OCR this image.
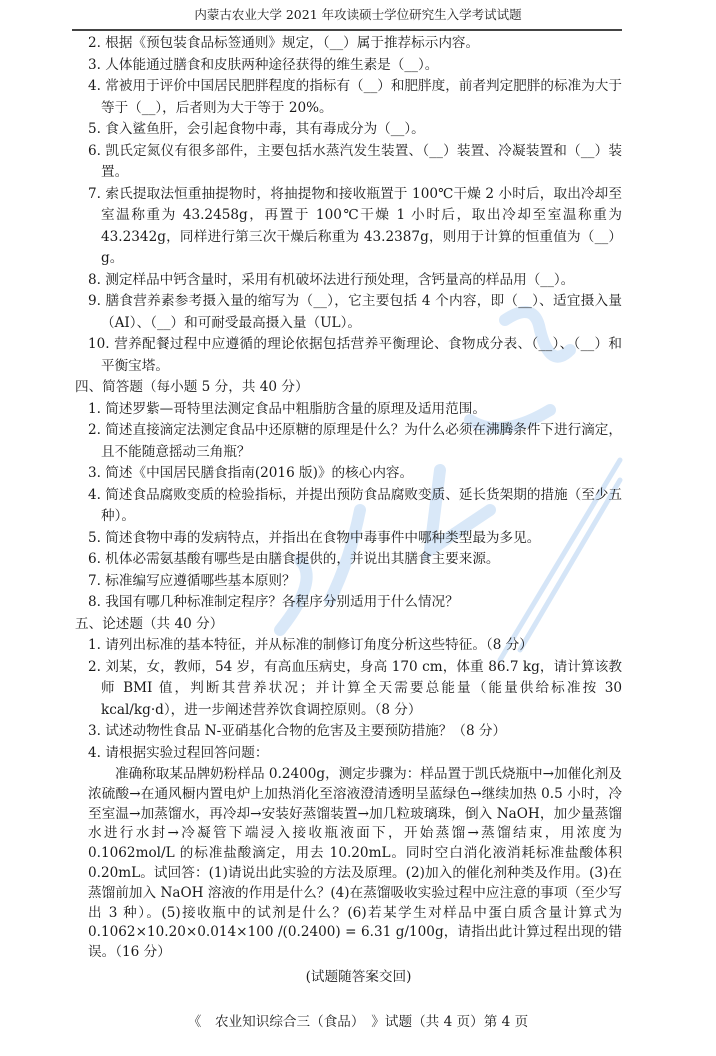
内蒙古农业大学 2021 年攻读硕士学位研究生入学考试试题
2. 根据《预包装食品标签通则》规定，（__）属于推荐标示内容。
3. 人体能通过膳食和皮肤两种途径获得的维生素是（__）。
4. 常被用于评价中国居民肥胖程度的指标有（__）和肥胖度，前者判定肥胖的标准为大于等于（__），后者则为大于等于 20%。
5. 食入鲨鱼肝，会引起食物中毒，其有毒成分为（__）。
6. 凯氏定氮仪有很多部件，主要包括水蒸汽发生装置、（__）装置、冷凝装置和（__）装置。
7. 索氏提取法恒重抽提物时，将抽提物和接收瓶置于 100℃干燥 2 小时后，取出冷却至室温称重为 43.2458g，再置于 100℃干燥 1 小时后，取出冷却至室温称重为 43.2342g，同样进行第三次干燥后称重为 43.2387g，则用于计算的恒重值为（__）g。
8. 测定样品中钙含量时，采用有机破坏法进行预处理，含钙量高的样品用（__）。
9. 膳食营养素参考摄入量的缩写为（__），它主要包括 4 个内容，即（__）、适宜摄入量（AI）、（__）和可耐受最高摄入量（UL）。
10. 营养配餐过程中应遵循的理论依据包括营养平衡理论、食物成分表、（__）、（__）和平衡宝塔。
四、简答题（每小题 5 分，共 40 分）
1. 简述罗紫—哥特里法测定食品中粗脂肪含量的原理及适用范围。
2. 简述直接滴定法测定食品中还原糖的原理是什么？为什么必须在沸腾条件下进行滴定，且不能随意摇动三角瓶？
3. 简述《中国居民膳食指南(2016 版)》的核心内容。
4. 简述食品腐败变质的检验指标，并提出预防食品腐败变质、延长货架期的措施（至少五种）。
5. 简述食物中毒的发病特点，并指出在食物中毒事件中哪种类型最为多见。
6. 机体必需氨基酸有哪些是由膳食提供的，并说出其膳食主要来源。
7. 标准编写应遵循哪些基本原则？
8. 我国有哪几种标准制定程序？各程序分别适用于什么情况？
五、论述题（共 40 分）
1. 请列出标准的基本特征，并从标准的制修订角度分析这些特征。（8 分）
2. 刘某，女，教师，54 岁，有高血压病史，身高 170 cm，体重 86.7 kg，请计算该教师 BMI 值，判断其营养状况；并计算全天需要总能量（能量供给标准按 30 kcal/kg·d），进一步阐述营养饮食调控原则。（8 分）
3. 试述动物性食品 N-亚硝基化合物的危害及主要预防措施？（8 分）
4. 请根据实验过程回答问题：
准确称取某品牌奶粉样品 0.2400g，测定步骤为：样品置于凯氏烧瓶中→加催化剂及浓硫酸→在通风橱内置电炉上加热消化至溶液澄清透明呈蓝绿色→继续加热 0.5 小时，冷至室温→加蒸馏水，再冷却→安装好蒸馏装置→加几粒玻璃珠，倒入 NaOH，加少量蒸馏水进行水封→冷凝管下端浸入接收瓶液面下，开始蒸馏→蒸馏结束，用浓度为 0.1062mol/L 的标准盐酸滴定，用去 10.20mL。同时空白消化液消耗标准盐酸体积 0.20mL。试回答：(1)请说出此实验的方法及原理。(2)加入的催化剂种类及作用。(3)在蒸馏前加入 NaOH 溶液的作用是什么？(4)在蒸馏吸收实验过程中应注意的事项（至少写出 3 种）。(5)接收瓶中的试剂是什么？(6)若某学生对样品中蛋白质含量计算式为 0.1062×10.20×0.014×100 /(0.2400) = 6.31 g/100g，请指出此计算过程出现的错误。（16 分）
(试题随答案交回)
《　农业知识综合三（食品）　》试题（共 4 页）第 4 页
